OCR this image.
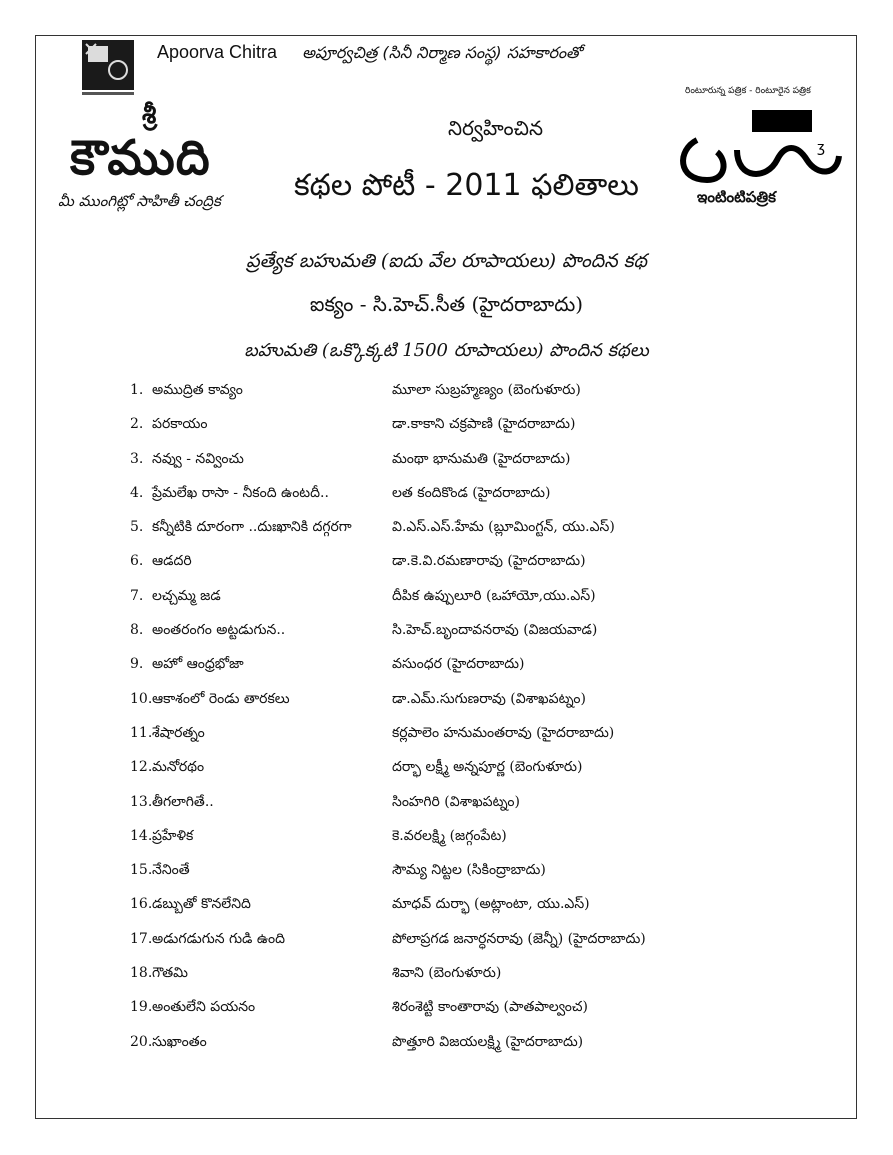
Apoorva Chitra అపూర్వచిత్ర (సినీ నిర్మాణ సంస్థ) సహకారంతో
శ్రీ
కౌముది
మీ ముంగిట్లో సాహితీ చంద్రిక
రింటూరున్న పత్రిక - రింటూరైన పత్రిక
ʒ
ఇంటింటిపత్రిక
నిర్వహించిన
కథల పోటీ - 2011 ఫలితాలు
ప్రత్యేక బహుమతి (ఐదు వేల రూపాయలు) పొందిన కథ
ఐక్యం - సి.హెచ్.సీత (హైదరాబాదు)
బహుమతి (ఒక్కొక్కటి 1500 రూపాయలు) పొందిన కథలు
1. అముద్రిత కావ్యం	మూలా సుబ్రహ్మణ్యం (బెంగుళూరు)
2. పరకాయం	డా.కాకాని చక్రపాణి (హైదరాబాదు)
3. నవ్వు - నవ్వించు	మంథా భానుమతి (హైదరాబాదు)
4. ప్రేమలేఖ రాసా - నీకంది ఉంటదీ..	లత కందికొండ (హైదరాబాదు)
5. కన్నీటికి దూరంగా ..దుఃఖానికి దగ్గరగా	వి.ఎస్.ఎస్.హేమ (బ్లూమింగ్టన్, యు.ఎస్)
6. ఆడదరి	డా.కె.వి.రమణారావు (హైదరాబాదు)
7. లచ్చమ్మ జడ	దీపిక ఉప్పులూరి (ఒహాయో,యు.ఎస్)
8. అంతరంగం అట్టడుగున..	సి.హెచ్.బృందావనరావు (విజయవాడ)
9. అహో ఆంధ్రభోజా	వసుంధర (హైదరాబాదు)
10. ఆకాశంలో రెండు తారకలు	డా.ఎమ్.సుగుణరావు (విశాఖపట్నం)
11. శేషారత్నం	కర్లపాలెం హనుమంతరావు (హైదరాబాదు)
12. మనోరథం	దర్భా లక్ష్మీ అన్నపూర్ణ (బెంగుళూరు)
13. తీగలాగితే..	సింహగిరి (విశాఖపట్నం)
14. ప్రహేళిక	కె.వరలక్ష్మి (జగ్గంపేట)
15. నేనింతే	సౌమ్య నిట్టల (సికింద్రాబాదు)
16. డబ్బుతో కొనలేనిది	మాధవ్ దుర్భా (అట్లాంటా, యు.ఎస్)
17. అడుగడుగున గుడి ఉంది	పోలాప్రగడ జనార్ధనరావు (జెన్నీ) (హైదరాబాదు)
18. గౌతమి	శివాని (బెంగుళూరు)
19. అంతులేని పయనం	శిరంశెట్టి కాంతారావు (పాతపాల్వంచ)
20. సుఖాంతం	పొత్తూరి విజయలక్ష్మి (హైదరాబాదు)
